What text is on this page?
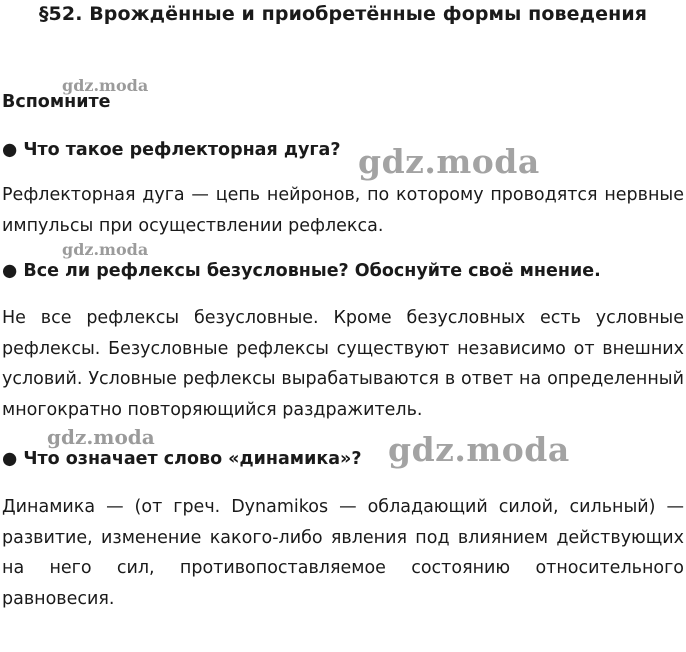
§52. Врождённые и приобретённые формы поведения
Вспомните
● Что такое рефлекторная дуга?
Рефлекторная дуга — цепь нейронов, по которому проводятся нервные импульсы при осуществлении рефлекса.
● Все ли рефлексы безусловные? Обоснуйте своё мнение.
Не все рефлексы безусловные. Кроме безусловных есть условные рефлексы. Безусловные рефлексы существуют независимо от внешних условий. Условные рефлексы вырабатываются в ответ на определенный многократно повторяющийся раздражитель.
● Что означает слово «динамика»?
Динамика — (от греч. Dynamikos — обладающий силой, сильный) — развитие, изменение какого-либо явления под влиянием действующих на него сил, противопоставляемое состоянию относительного равновесия.
gdz.moda
gdz.moda
gdz.moda
gdz.moda	gdz.moda
